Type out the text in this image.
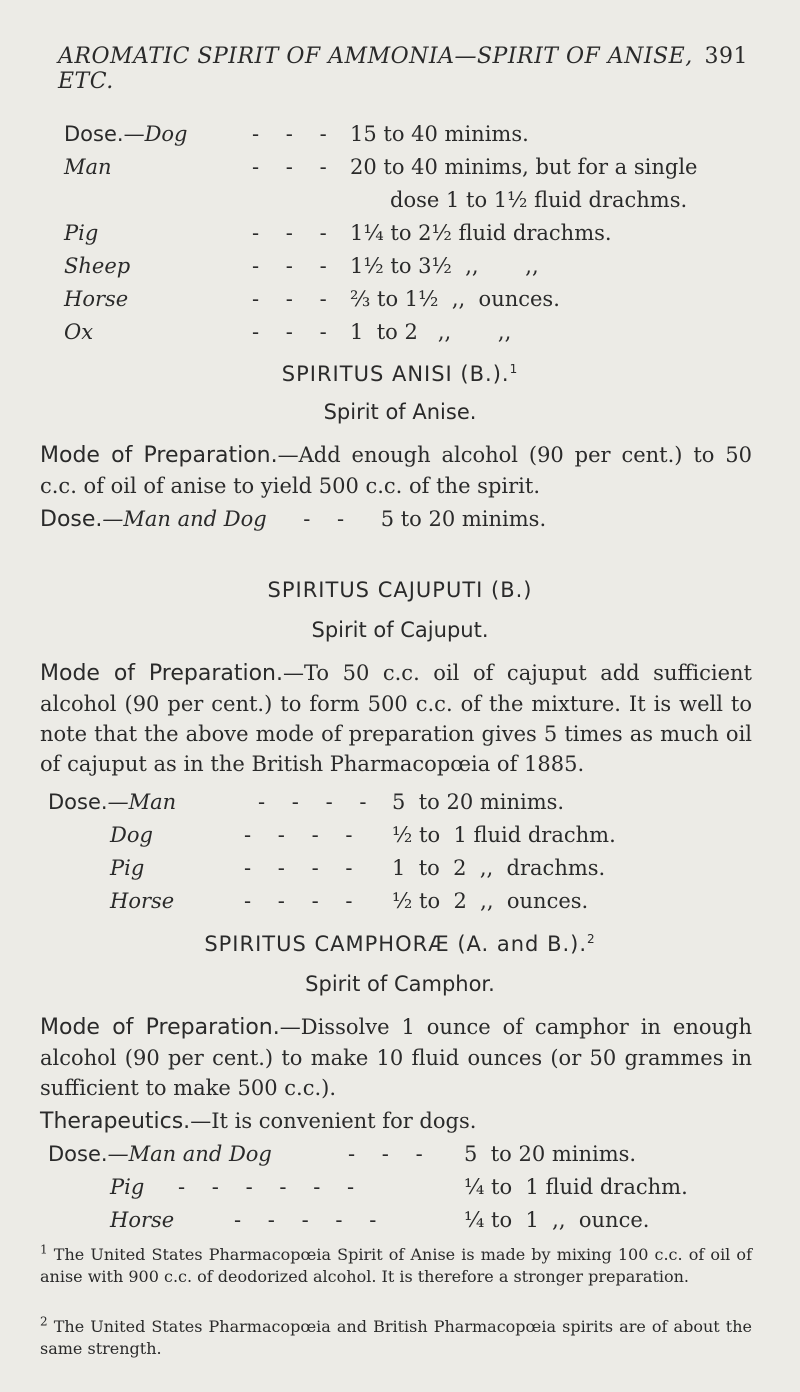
AROMATIC SPIRIT OF AMMONIA—SPIRIT OF ANISE, ETC.
391
Dose.—Dog	-    -    - 15 to 40 minims.
Man	-    -    - 20 to 40 minims, but for a single
dose 1 to 1½ fluid drachms.
Pig	-    -    - 1¼ to 2½ fluid drachms.
Sheep	-    -    - 1½ to 3½  ,,       ,,
Horse	-    -    - ⅔ to 1½  ,,  ounces.
Ox	-    -    - 1  to 2   ,,       ,,
SPIRITUS ANISI (B.).$^1$
Spirit of Anise.
Mode of Preparation.—Add enough alcohol (90 per cent.) to 50 c.c. of oil of anise to yield 500 c.c. of the spirit.
Dose.—Man and Dog -    - 5 to 20 minims.
SPIRITUS CAJUPUTI (B.)
Spirit of Cajuput.
Mode of Preparation.—To 50 c.c. oil of cajuput add sufficient alcohol (90 per cent.) to form 500 c.c. of the mixture. It is well to note that the above mode of preparation gives 5 times as much oil of cajuput as in the British Pharmacopœia of 1885.
Dose.—Man	-    -    -    - 5  to 20 minims.
Dog	-    -    -    - ½ to  1 fluid drachm.
Pig	-    -    -    - 1  to  2  ,,  drachms.
Horse	-    -    -    - ½ to  2  ,,  ounces.
SPIRITUS CAMPHORÆ (A. and B.).$^2$
Spirit of Camphor.
Mode of Preparation.—Dissolve 1 ounce of camphor in enough alcohol (90 per cent.) to make 10 fluid ounces (or 50 grammes in sufficient to make 500 c.c.).
Therapeutics.—It is convenient for dogs.
Dose.—Man and Dog	-    -    - 5  to 20 minims.
Pig -    -    -    -    -    -	¼ to  1 fluid drachm.
Horse	-    -    -    -    -	¼ to  1  ,,  ounce.
$^1$ The United States Pharmacopœia Spirit of Anise is made by mixing 100 c.c. of oil of anise with 900 c.c. of deodorized alcohol. It is therefore a stronger preparation.
$^2$ The United States Pharmacopœia and British Pharmacopœia spirits are of about the same strength.
